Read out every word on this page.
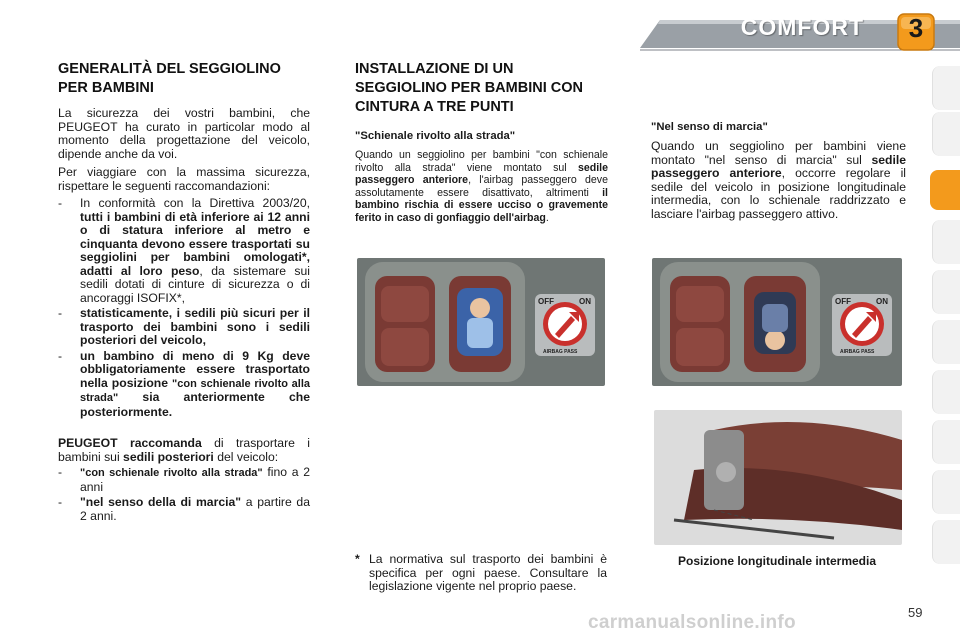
COMFORT	3
GENERALITÀ DEL SEGGIOLINO PER BAMBINI

La sicurezza dei vostri bambini, che PEUGEOT ha curato in particolar modo al momento della progettazione del veicolo, dipende anche da voi.

Per viaggiare con la massima sicurezza, rispettare le seguenti raccomandazioni:

- In conformità con la Direttiva 2003/20, tutti i bambini di età inferiore ai 12 anni o di statura inferiore al metro e cinquanta devono essere trasportati su seggiolini per bambini omologati*, adatti al loro peso, da sistemare sui sedili dotati di cinture di sicurezza o di ancoraggi ISOFIX*,
- statisticamente, i sedili più sicuri per il trasporto dei bambini sono i sedili posteriori del veicolo,
- un bambino di meno di 9 Kg deve obbligatoriamente essere trasportato nella posizione "con schienale rivolto alla strada" sia anteriormente che posteriormente.

PEUGEOT raccomanda di trasportare i bambini sui sedili posteriori del veicolo:

- "con schienale rivolto alla strada" fino a 2 anni
- "nel senso della di marcia" a partire da 2 anni.
INSTALLAZIONE DI UN SEGGIOLINO PER BAMBINI CON CINTURA A TRE PUNTI
"Schienale rivolto alla strada"

Quando un seggiolino per bambini "con schienale rivolto alla strada" viene montato sul sedile passeggero anteriore, l'airbag passeggero deve assolutamente essere disattivato, altrimenti il bambino rischia di essere ucciso o gravemente ferito in caso di gonfiaggio dell'airbag.

"Nel senso di marcia"

Quando un seggiolino per bambini viene montato "nel senso di marcia" sul sedile passeggero anteriore, occorre regolare il sedile del veicolo in posizione longitudinale intermedia, con lo schienale raddrizzato e lasciare l'airbag passeggero attivo.

OFF	ON
AIRBAG PASS
OFF	ON
AIRBAG PASS
Posizione longitudinale intermedia
* La normativa sul trasporto dei bambini è specifica per ogni paese. Consultare la legislazione vigente nel proprio paese.

carmanualsonline.info	59
